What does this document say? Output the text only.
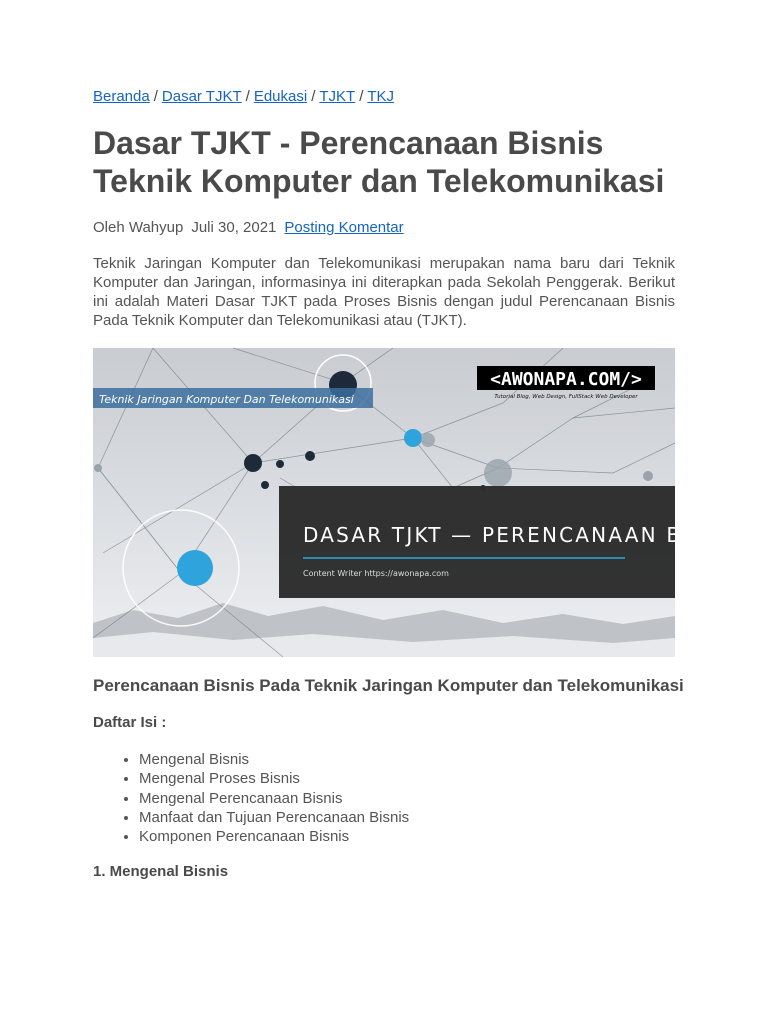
Beranda / Dasar TJKT / Edukasi / TJKT / TKJ
Dasar TJKT - Perencanaan Bisnis Teknik Komputer dan Telekomunikasi
Oleh Wahyup Juli 30, 2021 Posting Komentar

Teknik Jaringan Komputer dan Telekomunikasi merupakan nama baru dari Teknik Komputer dan Jaringan, informasinya ini diterapkan pada Sekolah Penggerak. Berikut ini adalah Materi Dasar TJKT pada Proses Bisnis dengan judul Perencanaan Bisnis Pada Teknik Komputer dan Telekomunikasi atau (TJKT).

Teknik Jaringan Komputer Dan Telekomunikasi
<AWONAPA.COM/>
Tutorial Blog, Web Design, FullStack Web Developer
DASAR TJKT — PERENCANAAN BISNIS
Content Writer https://awonapa.com
Perencanaan Bisnis Pada Teknik Jaringan Komputer dan Telekomunikasi
Daftar Isi :
• Mengenal Bisnis
• Mengenal Proses Bisnis
• Mengenal Perencanaan Bisnis
• Manfaat dan Tujuan Perencanaan Bisnis
• Komponen Perencanaan Bisnis
1. Mengenal Bisnis
